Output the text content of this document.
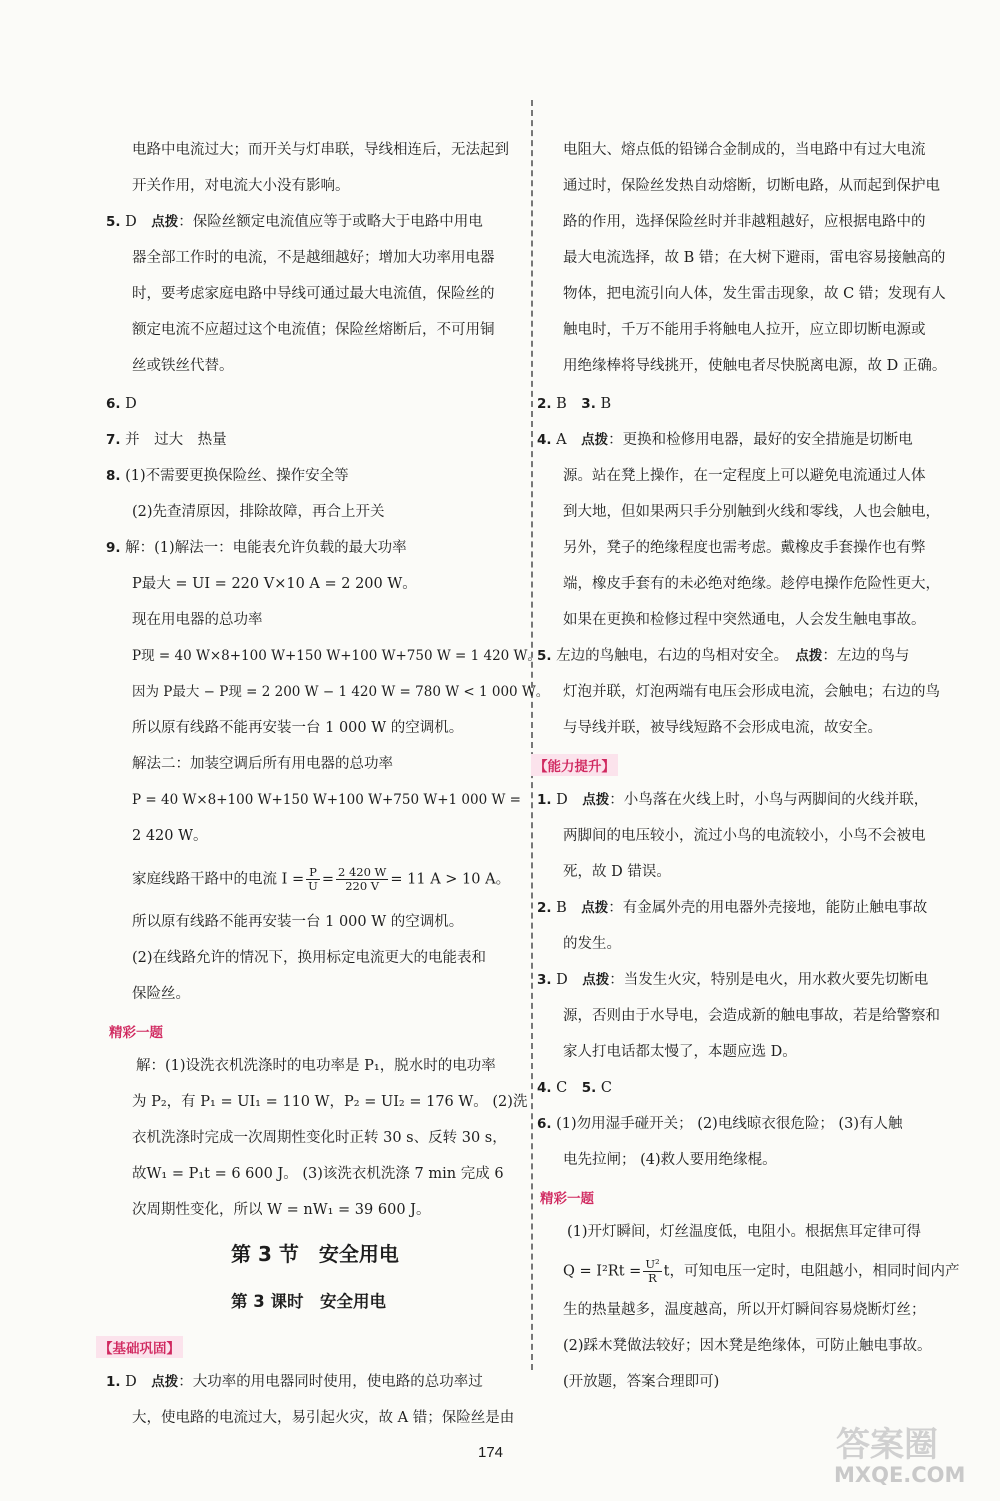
电路中电流过大；而开关与灯串联，导线相连后，无法起到
开关作用，对电流大小没有影响。
5. D　 点拨：保险丝额定电流值应等于或略大于电路中用电
器全部工作时的电流，不是越细越好；增加大功率用电器
时，要考虑家庭电路中导线可通过最大电流值，保险丝的
额定电流不应超过这个电流值；保险丝熔断后，不可用铜
丝或铁丝代替。
6. D
7. 并　过大　热量
8. (1)不需要更换保险丝、操作安全等
(2)先查清原因，排除故障，再合上开关
9. 解：(1)解法一：电能表允许负载的最大功率
P最大 = UI = 220 V×10 A = 2 200 W。
现在用电器的总功率
P现 = 40 W×8+100 W+150 W+100 W+750 W = 1 420 W。
因为 P最大 − P现 = 2 200 W − 1 420 W = 780 W < 1 000 W。
所以原有线路不能再安装一台 1 000 W 的空调机。
解法二：加装空调后所有用电器的总功率
P = 40 W×8+100 W+150 W+100 W+750 W+1 000 W =
2 420 W。
家庭线路干路中的电流 $I = \frac{P}{U} = \frac{2 420 W}{220 V} = 11$ A > 10 A。
所以原有线路不能再安装一台 1 000 W 的空调机。
(2)在线路允许的情况下，换用标定电流更大的电能表和
保险丝。
精彩一题
解：(1)设洗衣机洗涤时的电功率是 P₁，脱水时的电功率
为 P₂，有 P₁ = UI₁ = 110 W，P₂ = UI₂ = 176 W。 (2)洗
衣机洗涤时完成一次周期性变化时正转 30 s、反转 30 s，
故W₁ = P₁t = 6 600 J。 (3)该洗衣机洗涤 7 min 完成 6
次周期性变化，所以 W = nW₁ = 39 600 J。
第 3 节　安全用电
第 3 课时　安全用电
【基础巩固】
1. D　 点拨：大功率的用电器同时使用，使电路的总功率过
大，使电路的电流过大，易引起火灾，故 A 错；保险丝是由
电阻大、熔点低的铅锑合金制成的，当电路中有过大电流
通过时，保险丝发热自动熔断，切断电路，从而起到保护电
路的作用，选择保险丝时并非越粗越好，应根据电路中的
最大电流选择，故 B 错；在大树下避雨，雷电容易接触高的
物体，把电流引向人体，发生雷击现象，故 C 错；发现有人
触电时，千万不能用手将触电人拉开，应立即切断电源或
用绝缘棒将导线挑开，使触电者尽快脱离电源，故 D 正确。
2. B　 3. B
4. A　 点拨：更换和检修用电器，最好的安全措施是切断电
源。站在凳上操作，在一定程度上可以避免电流通过人体
到大地，但如果两只手分别触到火线和零线，人也会触电，
另外，凳子的绝缘程度也需考虑。戴橡皮手套操作也有弊
端，橡皮手套有的未必绝对绝缘。趁停电操作危险性更大，
如果在更换和检修过程中突然通电，人会发生触电事故。
5. 左边的鸟触电，右边的鸟相对安全。　 点拨：左边的鸟与
灯泡并联，灯泡两端有电压会形成电流，会触电；右边的鸟
与导线并联，被导线短路不会形成电流，故安全。
【能力提升】
1. D　 点拨：小鸟落在火线上时，小鸟与两脚间的火线并联，
两脚间的电压较小，流过小鸟的电流较小，小鸟不会被电
死，故 D 错误。
2. B　 点拨：有金属外壳的用电器外壳接地，能防止触电事故
的发生。
3. D　 点拨：当发生火灾，特别是电火，用水救火要先切断电
源，否则由于水导电，会造成新的触电事故，若是给警察和
家人打电话都太慢了，本题应选 D。
4. C　 5. C
6. (1)勿用湿手碰开关； (2)电线晾衣很危险； (3)有人触
电先拉闸； (4)救人要用绝缘棍。
精彩一题
(1)开灯瞬间，灯丝温度低，电阻小。根据焦耳定律可得
$Q = I^2Rt = \frac{\text{U²}}{R}$ t，可知电压一定时，电阻越小，相同时间内产
生的热量越多，温度越高，所以开灯瞬间容易烧断灯丝；
(2)踩木凳做法较好；因木凳是绝缘体，可防止触电事故。
(开放题，答案合理即可)
174	答案圈
MXQE.COM
